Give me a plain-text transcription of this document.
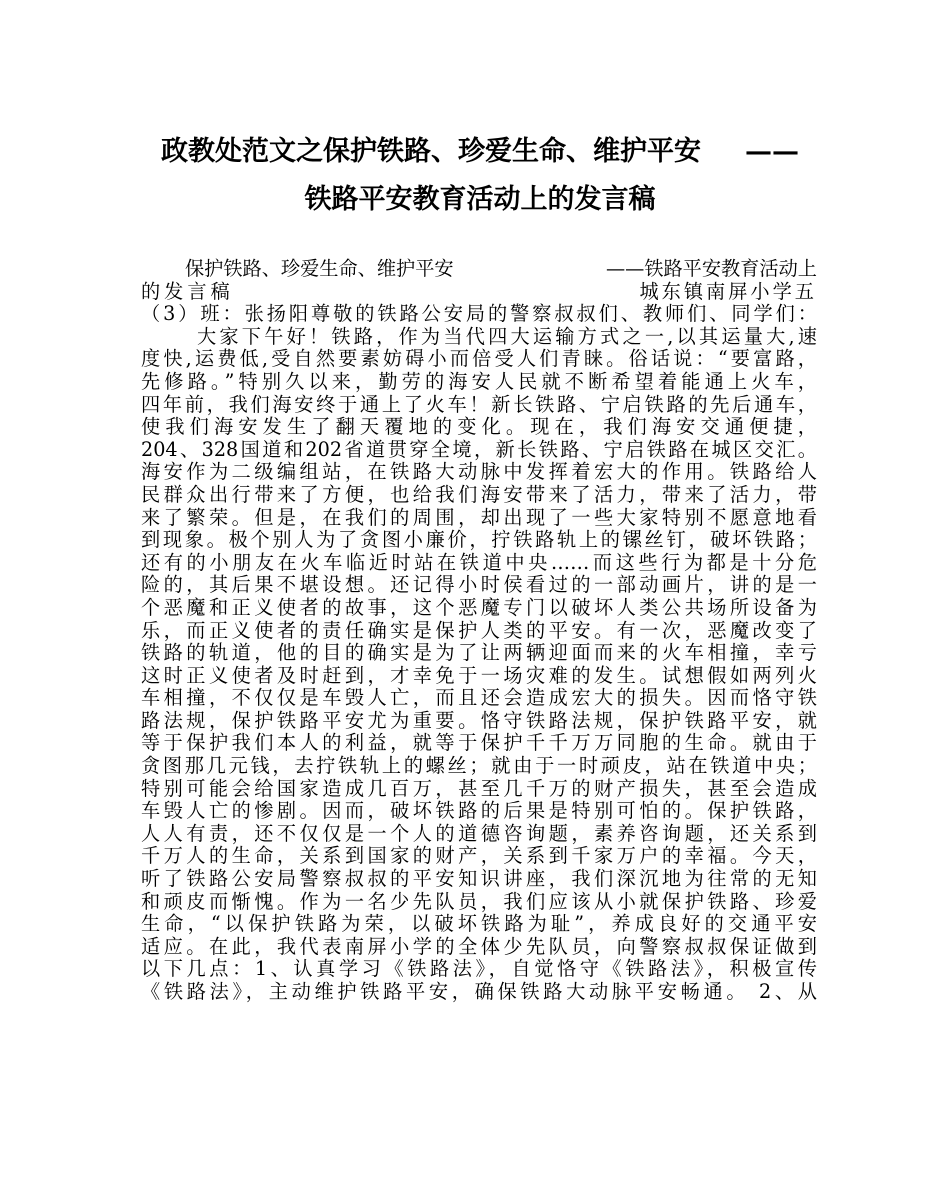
政教处范文之保护铁路、珍爱生命、维护平安 ——
铁路平安教育活动上的发言稿
保护铁路、珍爱生命、维护平安	——铁路平安教育活动上
的发言稿	城东镇南屏小学五
（3）班：张扬阳尊敬的铁路公安局的警察叔叔们、教师们、同学们：
大家下午好！铁路，作为当代四大运输方式之一,以其运量大,速
度快,运费低,受自然要素妨碍小而倍受人们青睐。俗话说：“要富路，
先修路。”特别久以来，勤劳的海安人民就不断希望着能通上火车，
四年前，我们海安终于通上了火车！新长铁路、宁启铁路的先后通车，
使我们海安发生了翻天覆地的变化。现在，我们海安交通便捷，
204、328国道和202省道贯穿全境，新长铁路、宁启铁路在城区交汇。
海安作为二级编组站，在铁路大动脉中发挥着宏大的作用。铁路给人
民群众出行带来了方便，也给我们海安带来了活力，带来了活力，带
来了繁荣。但是，在我们的周围，却出现了一些大家特别不愿意地看
到现象。极个别人为了贪图小廉价，拧铁路轨上的镙丝钉，破坏铁路；
还有的小朋友在火车临近时站在铁道中央……而这些行为都是十分危
险的，其后果不堪设想。还记得小时侯看过的一部动画片，讲的是一
个恶魔和正义使者的故事，这个恶魔专门以破坏人类公共场所设备为
乐，而正义使者的责任确实是保护人类的平安。有一次，恶魔改变了
铁路的轨道，他的目的确实是为了让两辆迎面而来的火车相撞，幸亏
这时正义使者及时赶到，才幸免于一场灾难的发生。试想假如两列火
车相撞，不仅仅是车毁人亡，而且还会造成宏大的损失。因而恪守铁
路法规，保护铁路平安尤为重要。恪守铁路法规，保护铁路平安，就
等于保护我们本人的利益，就等于保护千千万万同胞的生命。就由于
贪图那几元钱，去拧铁轨上的螺丝；就由于一时顽皮，站在铁道中央；
特别可能会给国家造成几百万，甚至几千万的财产损失，甚至会造成
车毁人亡的惨剧。因而，破坏铁路的后果是特别可怕的。保护铁路，
人人有责，还不仅仅是一个人的道德咨询题，素养咨询题，还关系到
千万人的生命，关系到国家的财产，关系到千家万户的幸福。今天，
听了铁路公安局警察叔叔的平安知识讲座，我们深沉地为往常的无知
和顽皮而惭愧。作为一名少先队员，我们应该从小就保护铁路、珍爱
生命，“以保护铁路为荣，以破坏铁路为耻”，养成良好的交通平安
适应。在此，我代表南屏小学的全体少先队员，向警察叔叔保证做到
以下几点：1、认真学习《铁路法》，自觉恪守《铁路法》，积极宣传
《铁路法》，主动维护铁路平安，确保铁路大动脉平安畅通。 2、从
